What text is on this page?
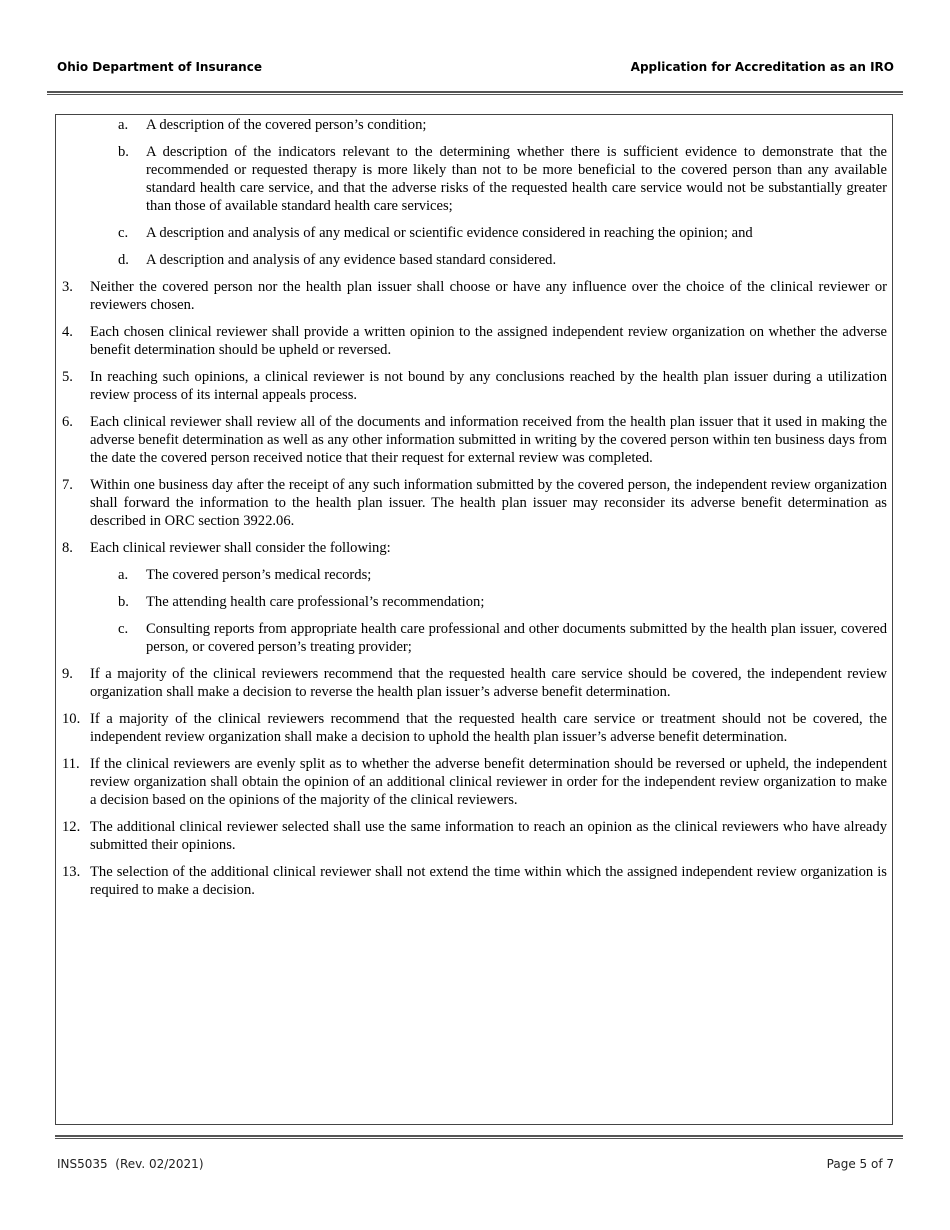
Ohio Department of Insurance	Application for Accreditation as an IRO
a. A description of the covered person’s condition;
b. A description of the indicators relevant to the determining whether there is sufficient evidence to demonstrate that the recommended or requested therapy is more likely than not to be more beneficial to the covered person than any available standard health care service, and that the adverse risks of the requested health care service would not be substantially greater than those of available standard health care services;
c. A description and analysis of any medical or scientific evidence considered in reaching the opinion; and
d. A description and analysis of any evidence based standard considered.
3. Neither the covered person nor the health plan issuer shall choose or have any influence over the choice of the clinical reviewer or reviewers chosen.
4. Each chosen clinical reviewer shall provide a written opinion to the assigned independent review organization on whether the adverse benefit determination should be upheld or reversed.
5. In reaching such opinions, a clinical reviewer is not bound by any conclusions reached by the health plan issuer during a utilization review process of its internal appeals process.
6. Each clinical reviewer shall review all of the documents and information received from the health plan issuer that it used in making the adverse benefit determination as well as any other information submitted in writing by the covered person within ten business days from the date the covered person received notice that their request for external review was completed.
7. Within one business day after the receipt of any such information submitted by the covered person, the independent review organization shall forward the information to the health plan issuer. The health plan issuer may reconsider its adverse benefit determination as described in ORC section 3922.06.
8. Each clinical reviewer shall consider the following:
a. The covered person’s medical records;
b. The attending health care professional’s recommendation;
c. Consulting reports from appropriate health care professional and other documents submitted by the health plan issuer, covered person, or covered person’s treating provider;
9. If a majority of the clinical reviewers recommend that the requested health care service should be covered, the independent review organization shall make a decision to reverse the health plan issuer’s adverse benefit determination.
10. If a majority of the clinical reviewers recommend that the requested health care service or treatment should not be covered, the independent review organization shall make a decision to uphold the health plan issuer’s adverse benefit determination.
11. If the clinical reviewers are evenly split as to whether the adverse benefit determination should be reversed or upheld, the independent review organization shall obtain the opinion of an additional clinical reviewer in order for the independent review organization to make a decision based on the opinions of the majority of the clinical reviewers.
12. The additional clinical reviewer selected shall use the same information to reach an opinion as the clinical reviewers who have already submitted their opinions.
13. The selection of the additional clinical reviewer shall not extend the time within which the assigned independent review organization is required to make a decision.
INS5035  (Rev. 02/2021)	Page 5 of 7
